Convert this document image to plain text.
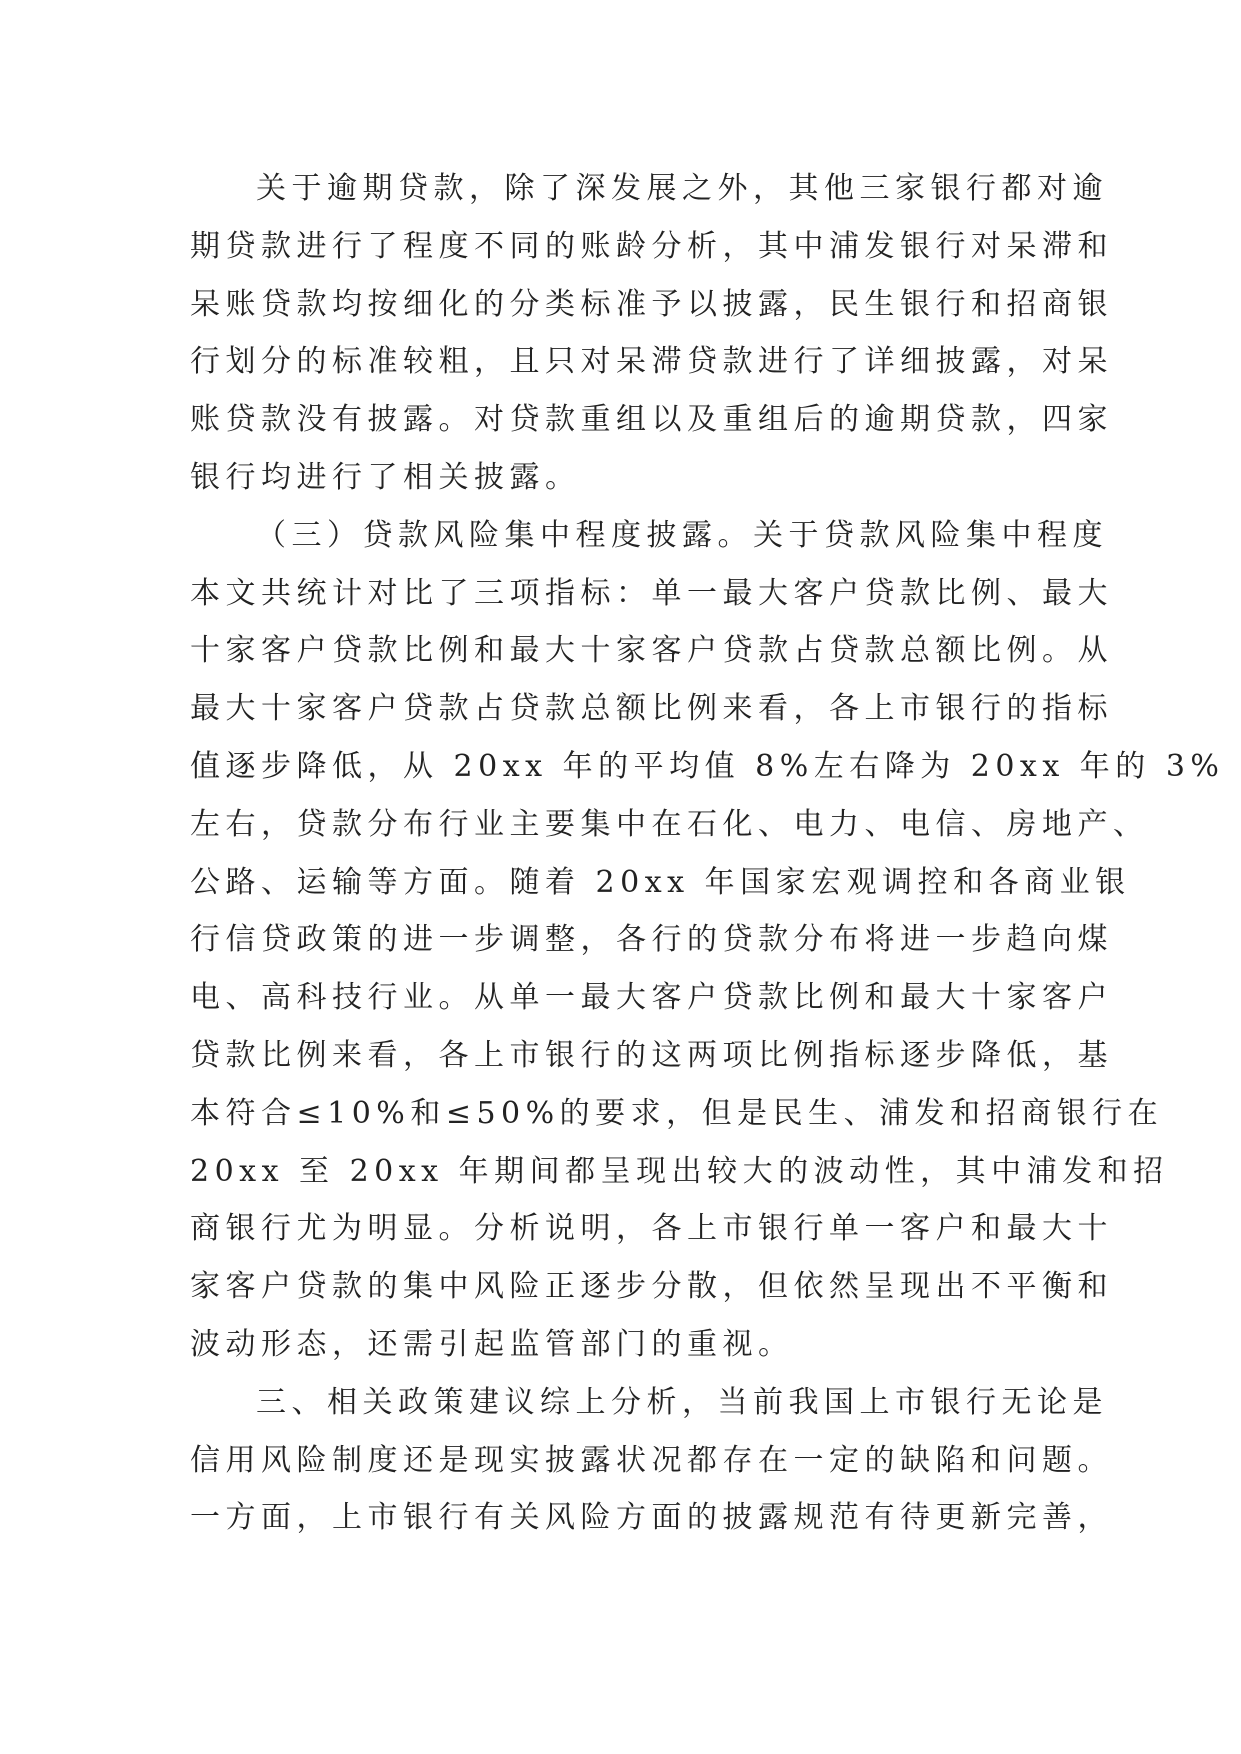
关于逾期贷款，除了深发展之外，其他三家银行都对逾
期贷款进行了程度不同的账龄分析，其中浦发银行对呆滞和
呆账贷款均按细化的分类标准予以披露，民生银行和招商银
行划分的标准较粗，且只对呆滞贷款进行了详细披露，对呆
账贷款没有披露。对贷款重组以及重组后的逾期贷款，四家
银行均进行了相关披露。
（三）贷款风险集中程度披露。关于贷款风险集中程度
本文共统计对比了三项指标：单一最大客户贷款比例、最大
十家客户贷款比例和最大十家客户贷款占贷款总额比例。从
最大十家客户贷款占贷款总额比例来看，各上市银行的指标
值逐步降低，从 20xx 年的平均值 8%左右降为 20xx 年的 3%
左右，贷款分布行业主要集中在石化、电力、电信、房地产、
公路、运输等方面。随着 20xx 年国家宏观调控和各商业银
行信贷政策的进一步调整，各行的贷款分布将进一步趋向煤
电、高科技行业。从单一最大客户贷款比例和最大十家客户
贷款比例来看，各上市银行的这两项比例指标逐步降低，基
本符合≤10%和≤50%的要求，但是民生、浦发和招商银行在
20xx 至 20xx 年期间都呈现出较大的波动性，其中浦发和招
商银行尤为明显。分析说明，各上市银行单一客户和最大十
家客户贷款的集中风险正逐步分散，但依然呈现出不平衡和
波动形态，还需引起监管部门的重视。
三、相关政策建议综上分析，当前我国上市银行无论是
信用风险制度还是现实披露状况都存在一定的缺陷和问题。
一方面，上市银行有关风险方面的披露规范有待更新完善，
